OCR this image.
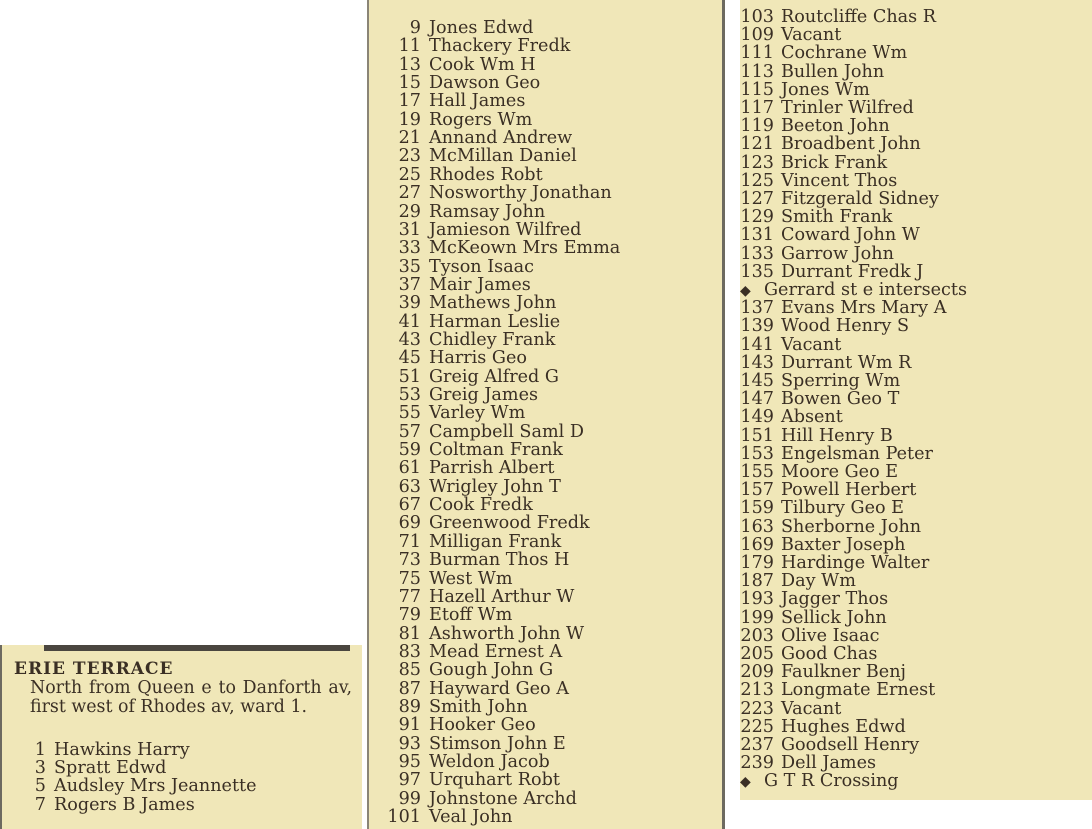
ERIE TERRACE
North from Queen e to Danforth av, first west of Rhodes av, ward 1.
1 Hawkins Harry
3 Spratt Edwd
5 Audsley Mrs Jeannette
7 Rogers B James
9 Jones Edwd
11 Thackery Fredk
13 Cook Wm H
15 Dawson Geo
17 Hall James
19 Rogers Wm
21 Annand Andrew
23 McMillan Daniel
25 Rhodes Robt
27 Nosworthy Jonathan
29 Ramsay John
31 Jamieson Wilfred
33 McKeown Mrs Emma
35 Tyson Isaac
37 Mair James
39 Mathews John
41 Harman Leslie
43 Chidley Frank
45 Harris Geo
51 Greig Alfred G
53 Greig James
55 Varley Wm
57 Campbell Saml D
59 Coltman Frank
61 Parrish Albert
63 Wrigley John T
67 Cook Fredk
69 Greenwood Fredk
71 Milligan Frank
73 Burman Thos H
75 West Wm
77 Hazell Arthur W
79 Etoff Wm
81 Ashworth John W
83 Mead Ernest A
85 Gough John G
87 Hayward Geo A
89 Smith John
91 Hooker Geo
93 Stimson John E
95 Weldon Jacob
97 Urquhart Robt
99 Johnstone Archd
101 Veal John
103 Routcliffe Chas R
109 Vacant
111 Cochrane Wm
113 Bullen John
115 Jones Wm
117 Trinler Wilfred
119 Beeton John
121 Broadbent John
123 Brick Frank
125 Vincent Thos
127 Fitzgerald Sidney
129 Smith Frank
131 Coward John W
133 Garrow John
135 Durrant Fredk J
◆ Gerrard st e intersects
137 Evans Mrs Mary A
139 Wood Henry S
141 Vacant
143 Durrant Wm R
145 Sperring Wm
147 Bowen Geo T
149 Absent
151 Hill Henry B
153 Engelsman Peter
155 Moore Geo E
157 Powell Herbert
159 Tilbury Geo E
163 Sherborne John
169 Baxter Joseph
179 Hardinge Walter
187 Day Wm
193 Jagger Thos
199 Sellick John
203 Olive Isaac
205 Good Chas
209 Faulkner Benj
213 Longmate Ernest
223 Vacant
225 Hughes Edwd
237 Goodsell Henry
239 Dell James
◆ G T R Crossing
